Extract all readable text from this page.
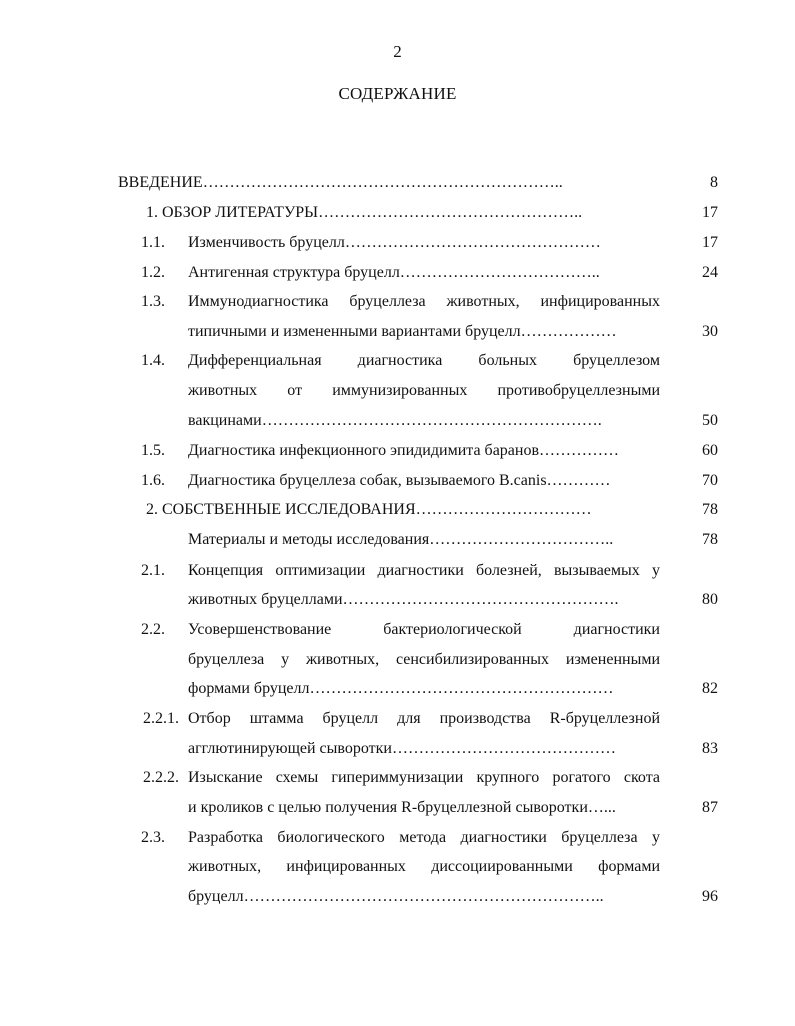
2
СОДЕРЖАНИЕ
ВВЕДЕНИЕ…………………………………………………………..	8
1. ОБЗОР ЛИТЕРАТУРЫ…………………………………………..	17
1.1. Изменчивость бруцелл…………………………………………	17
1.2. Антигенная структура бруцелл………………………………..	24
1.3. Иммунодиагностика бруцеллеза животных, инфицированных
типичными и измененными вариантами бруцелл………………	30
1.4. Дифференциальная диагностика больных бруцеллезом
животных от иммунизированных противобруцеллезными
вакцинами……………………………………………………….	50
1.5. Диагностика инфекционного эпидидимита баранов……………	60
1.6. Диагностика бруцеллеза собак, вызываемого B.canis…………	70
2. СОБСТВЕННЫЕ ИССЛЕДОВАНИЯ……………………………	78
Материалы и методы исследования……………………………..	78
2.1. Концепция оптимизации диагностики болезней, вызываемых у
животных бруцеллами…………………………………………….	80
2.2. Усовершенствование бактериологической диагностики
бруцеллеза у животных, сенсибилизированных измененными
формами бруцелл…………………………………………………	82
2.2.1. Отбор штамма бруцелл для производства R-бруцеллезной
агглютинирующей сыворотки……………………………………	83
2.2.2. Изыскание схемы гипериммунизации крупного рогатого скота
и кроликов с целью получения R-бруцеллезной сыворотки…...	87
2.3. Разработка биологического метода диагностики бруцеллеза у
животных, инфицированных диссоциированными формами
бруцелл…………………………………………………………..	96
